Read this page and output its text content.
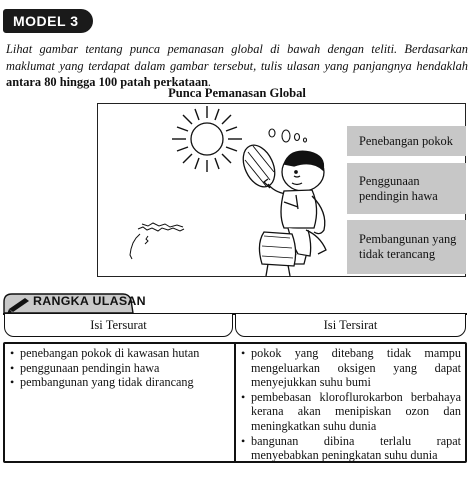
MODEL 3
Lihat gambar tentang punca pemanasan global di bawah dengan teliti. Berdasarkan maklumat yang terdapat dalam gambar tersebut, tulis ulasan yang panjangnya hendaklah antara 80 hingga 100 patah perkataan.
Punca Pemanasan Global
Penebangan pokok
Penggunaan pendingin hawa
Pembangunan yang tidak terancang
RANGKA ULASAN
Isi Tersurat	Isi Tersirat
• penebangan pokok di kawasan hutan
• penggunaan pendingin hawa
• pembangunan yang tidak dirancang
• pokok yang ditebang tidak mampu mengeluarkan oksigen yang dapat menyejukkan suhu bumi
• pembebasan kloroflurokarbon berbahaya kerana akan menipiskan ozon dan meningkatkan suhu dunia
• bangunan dibina terlalu rapat menyebabkan peningkatan suhu dunia
